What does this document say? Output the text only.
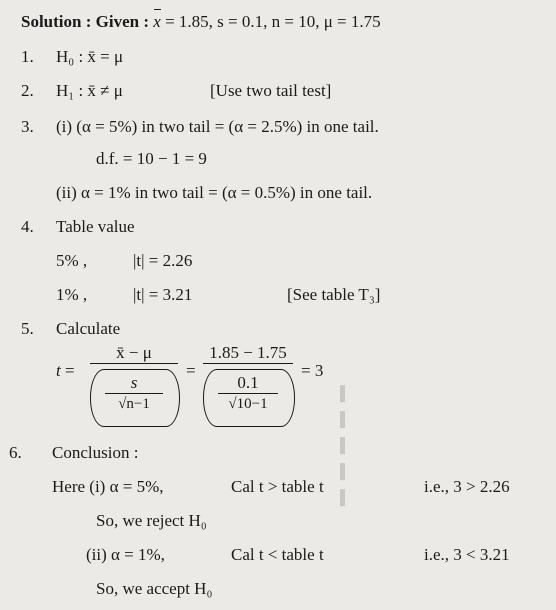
▌
▌
▌
▌
▌
Solution : Given : x = 1.85, s = 0.1, n = 10, μ = 1.75
1. H₀ : x̄ = μ
2. H₁ : x̄ ≠ μ	[Use two tail test]
3. (i) (α = 5%) in two tail = (α = 2.5%) in one tail.
d.f. = 10 − 1 = 9
(ii) α = 1% in two tail = (α = 0.5%) in one tail.
4. Table value
5% ,	|t| = 2.26
1% ,	|t| = 3.21	[See table T₃]
5. Calculate
t =
x̄ − μ
s
√n−1
=
1.85 − 1.75
0.1
√10−1
= 3
6. Conclusion :
Here (i) α = 5%,	Cal t > table t	i.e., 3 > 2.26
So, we reject H₀
(ii) α = 1%,	Cal t < table t	i.e., 3 < 3.21
So, we accept H₀
